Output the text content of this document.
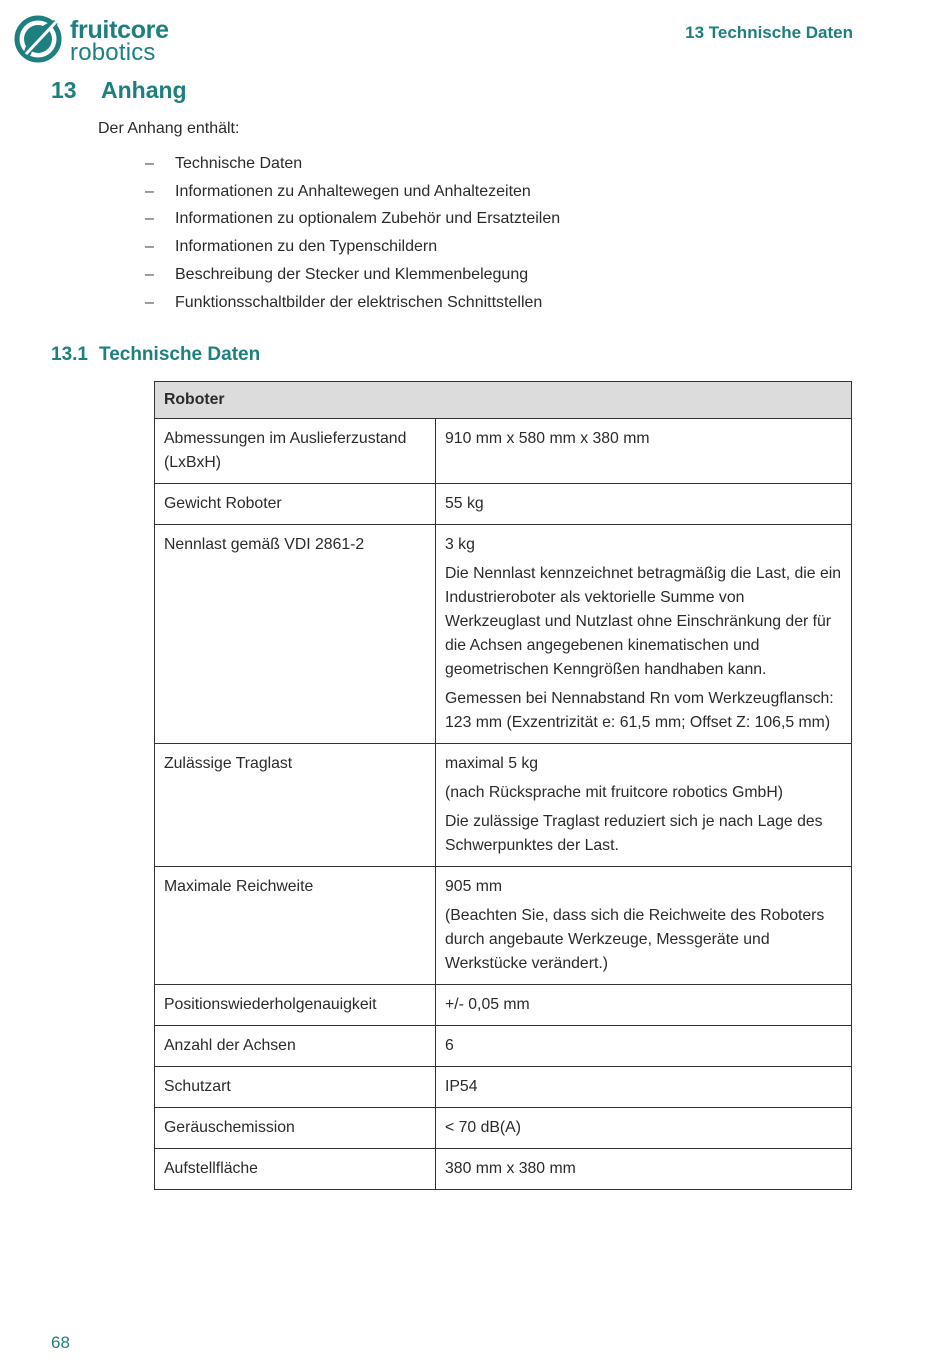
fruitcore
robotics
13 Technische Daten
13 Anhang
Der Anhang enthält:
–	Technische Daten
–	Informationen zu Anhaltewegen und Anhaltezeiten
–	Informationen zu optionalem Zubehör und Ersatzteilen
–	Informationen zu den Typenschildern
–	Beschreibung der Stecker und Klemmenbelegung
–	Funktionsschaltbilder der elektrischen Schnittstellen
13.1 Technische Daten
Roboter	
Abmessungen im Auslieferzustand (LxBxH)	910 mm x 580 mm x 380 mm

Gewicht Roboter	55 kg

Nennlast gemäß VDI 2861-2	3 kg

Die Nennlast kennzeichnet betragmäßig die Last, die ein Industrieroboter als vektorielle Summe von Werkzeuglast und Nutzlast ohne Einschränkung der für die Achsen angegebenen kinematischen und geometrischen Kenngrößen handhaben kann.

Gemessen bei Nennabstand Rn vom Werkzeugflansch: 123 mm (Exzentrizität e: 61,5 mm; Offset Z: 106,5 mm)

Zulässige Traglast	maximal 5 kg

(nach Rücksprache mit fruitcore robotics GmbH)

Die zulässige Traglast reduziert sich je nach Lage des Schwerpunktes der Last.

Maximale Reichweite	905 mm

(Beachten Sie, dass sich die Reichweite des Roboters durch angebaute Werkzeuge, Messgeräte und Werkstücke verändert.)

Positionswiederholgenauigkeit	+/- 0,05 mm

Anzahl der Achsen	6

Schutzart	IP54

Geräuschemission	< 70 dB(A)

Aufstellfläche	380 mm x 380 mm

68
